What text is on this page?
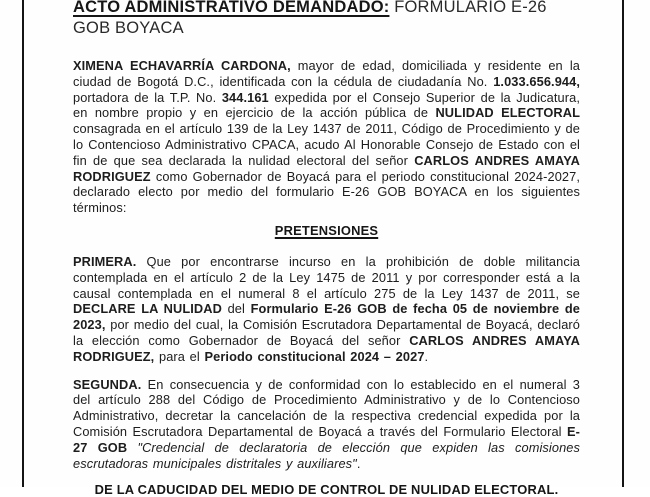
ACTO ADMINISTRATIVO DEMANDADO: FORMULARIO E-26 GOB BOYACA

XIMENA ECHAVARRÍA CARDONA, mayor de edad, domiciliada y residente en la ciudad de Bogotá D.C., identificada con la cédula de ciudadanía No. 1.033.656.944, portadora de la T.P. No. 344.161 expedida por el Consejo Superior de la Judicatura, en nombre propio y en ejercicio de la acción pública de NULIDAD ELECTORAL consagrada en el artículo 139 de la Ley 1437 de 2011, Código de Procedimiento y de lo Contencioso Administrativo CPACA, acudo Al Honorable Consejo de Estado con el fin de que sea declarada la nulidad electoral del señor CARLOS ANDRES AMAYA RODRIGUEZ como Gobernador de Boyacá para el periodo constitucional 2024-2027, declarado electo por medio del formulario E-26 GOB BOYACA en los siguientes términos:

PRETENSIONES

PRIMERA. Que por encontrarse incurso en la prohibición de doble militancia contemplada en el artículo 2 de la Ley 1475 de 2011 y por corresponder está a la causal contemplada en el numeral 8 el artículo 275 de la Ley 1437 de 2011, se DECLARE LA NULIDAD del Formulario E-26 GOB de fecha 05 de noviembre de 2023, por medio del cual, la Comisión Escrutadora Departamental de Boyacá, declaró la elección como Gobernador de Boyacá del señor CARLOS ANDRES AMAYA RODRIGUEZ, para el Periodo constitucional 2024 – 2027.

SEGUNDA. En consecuencia y de conformidad con lo establecido en el numeral 3 del artículo 288 del Código de Procedimiento Administrativo y de lo Contencioso Administrativo, decretar la cancelación de la respectiva credencial expedida por la Comisión Escrutadora Departamental de Boyacá a través del Formulario Electoral E-27 GOB "Credencial de declaratoria de elección que expiden las comisiones escrutadoras municipales distritales y auxiliares".

DE LA CADUCIDAD DEL MEDIO DE CONTROL DE NULIDAD ELECTORAL.
